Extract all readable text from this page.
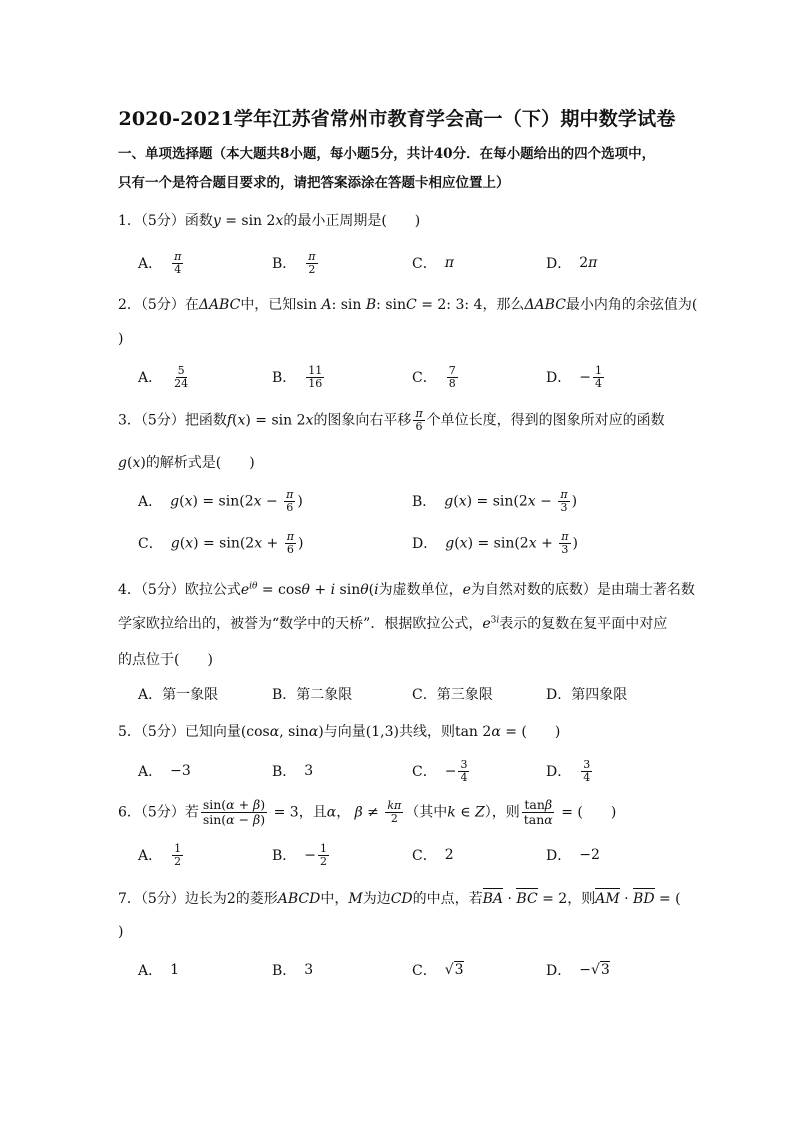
2020-2021学年江苏省常州市教育学会高一（下）期中数学试卷
一、单项选择题（本大题共8小题，每小题5分，共计40分．在每小题给出的四个选项中，
只有一个是符合题目要求的，请把答案添涂在答题卡相应位置上）
1．（5分）函数y = sin 2x的最小正周期是(　　)
A． $\frac{\pi}{4}$	B． $\frac{\pi}{2}$	C． π	D． 2π
2．（5分）在ΔABC中，已知sin A: sin B: sinC = 2: 3: 4，那么ΔABC最小内角的余弦值为(
)
A． $\frac{5}{24}$	B． $\frac{11}{16}$	C． $\frac{7}{8}$	D． − $\frac{1}{4}$
3．（5分）把函数f(x) = sin 2x的图象向右平移 $\frac{\pi}{6}$ 个单位长度，得到的图象所对应的函数
g(x)的解析式是(　　)
A． $g(x) = \sin(2x - \frac{\pi}{6}$ )	B． $g(x) = \sin(2x - \frac{\pi}{3}$ )
C． $g(x) = \sin(2x + \frac{\pi}{6}$ )	D． $g(x) = \sin(2x + \frac{\pi}{3}$ )
4．（5分）欧拉公式$e^{i\theta} = \cos\theta + i$ sinθ(i为虚数单位，e为自然对数的底数）是由瑞士著名数
学家欧拉给出的，被誉为“数学中的天桥”．根据欧拉公式，$e^{3i}$表示的复数在复平面中对应
的点位于(　　)
A． 第一象限	B． 第二象限	C． 第三象限	D． 第四象限
5．（5分）已知向量(cosα, sinα)与向量(1,3)共线，则tan 2α = (　　)
A． −3	B． 3	C． − $\frac{3}{4}$	D． $\frac{3}{4}$
6．（5分）若 $\frac{\sin(\alpha + \beta)}{\sin(\alpha - \beta)} = 3$，且α， $\beta \ne \frac{k\pi}{2}$ （其中k ∈ Z），则 $\frac{\tan\beta}{\tan\alpha}$ = (　　)
A． $\frac{1}{2}$	B． − $\frac{1}{2}$	C． 2	D． −2
7．（5分）边长为2的菱形ABCD中，M为边CD的中点，若BA · BC = 2，则AM · BD = (
)
A． 1	B． 3	C． √3	D． −√3
